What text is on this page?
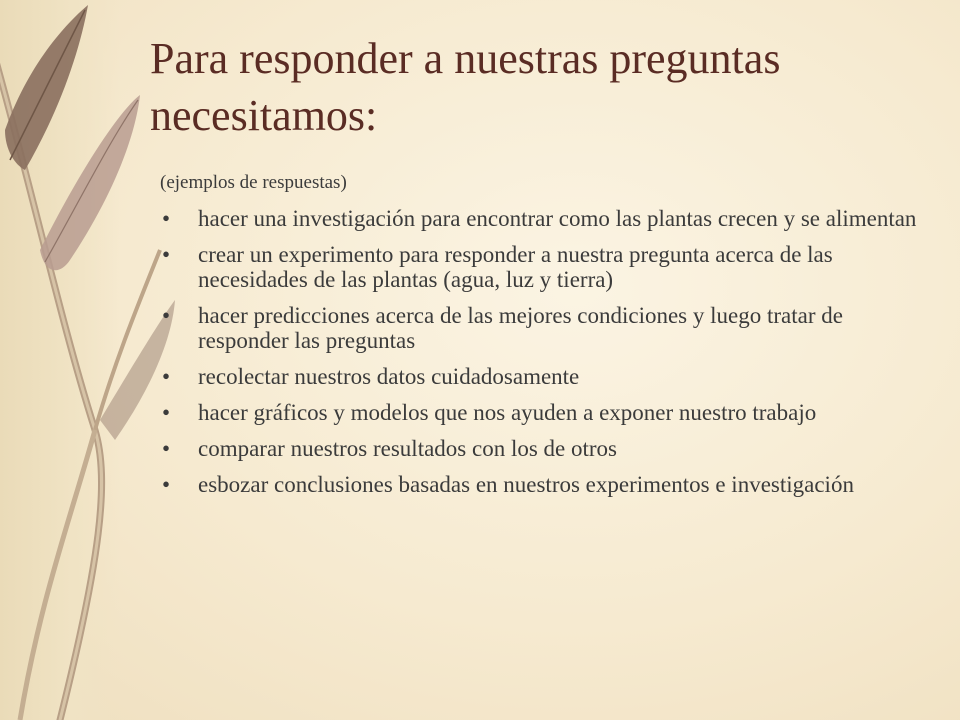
Para responder a nuestras preguntas necesitamos:
(ejemplos de respuestas)
• hacer una investigación para encontrar como las plantas crecen y se alimentan
• crear un experimento para responder a nuestra pregunta acerca de las necesidades de las plantas (agua, luz y tierra)
• hacer predicciones acerca de las mejores condiciones y luego tratar de responder las preguntas
• recolectar nuestros datos cuidadosamente
• hacer gráficos y modelos que nos ayuden a exponer nuestro trabajo
• comparar nuestros resultados con los de otros
• esbozar conclusiones basadas en nuestros experimentos e investigación
